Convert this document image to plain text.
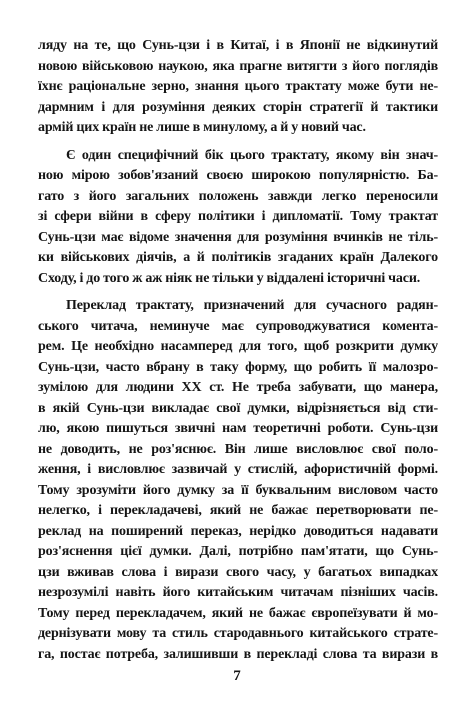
ляду на те, що Сунь-цзи і в Китаї, і в Японії не відкинутий
новою військовою наукою, яка прагне витягти з його поглядів
їхнє раціональне зерно, знання цього трактату може бути не-
дармним і для розуміння деяких сторін стратегії й тактики
армій цих країн не лише в минулому, а й у новий час.

Є один специфічний бік цього трактату, якому він знач-
ною мірою зобов'язаний своєю широкою популярністю. Ба-
гато з його загальних положень завжди легко переносили
зі сфери війни в сферу політики і дипломатії. Тому трактат
Сунь-цзи має відоме значення для розуміння вчинків не тіль-
ки військових діячів, а й політиків згаданих країн Далекого
Сходу, і до того ж аж ніяк не тільки у віддалені історичні часи.

Переклад трактату, призначений для сучасного радян-
ського читача, неминуче має супроводжуватися коментa-
рем. Це необхідно насамперед для того, щоб розкрити думку
Сунь-цзи, часто вбрану в таку форму, що робить її малозро-
зумілою для людини XX ст. Не треба забувати, що манера,
в якій Сунь-цзи викладає свої думки, відрізняється від сти-
лю, якою пишуться звичні нам теоретичні роботи. Сунь-цзи
не доводить, не роз'яснює. Він лише висловлює свої поло-
ження, і висловлює зазвичай у стислій, афористичній формі.
Тому зрозуміти його думку за її буквальним висловом часто
нелегко, і перекладачеві, який не бажає перетворювати пе-
реклад на поширений переказ, нерідко доводиться надавати
роз'яснення цієї думки. Далі, потрібно пам'ятати, що Сунь-
цзи вживав слова і вирази свого часу, у багатьох випадках
незрозумілі навіть його китайським читачам пізніших часів.
Тому перед перекладачем, який не бажає європеїзувати й мо-
дернізувати мову та стиль стародавнього китайського страте-
га, постає потреба, залишивши в перекладі слова та вирази в

7
